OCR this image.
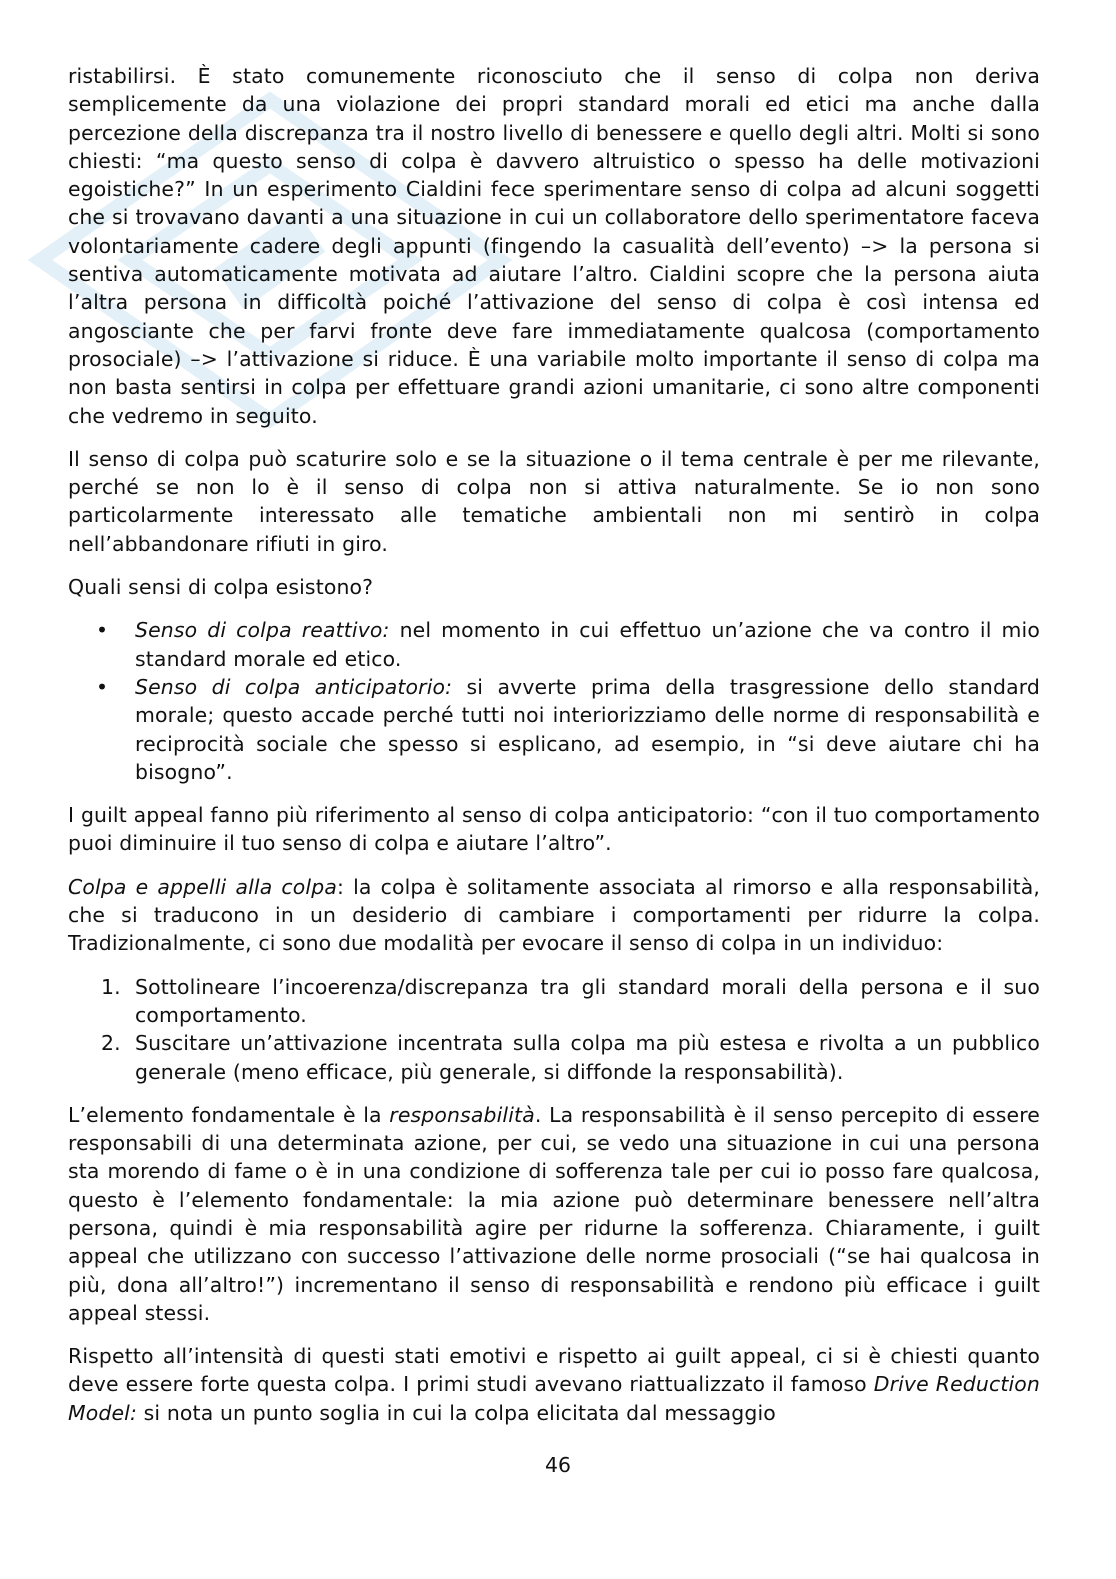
ristabilirsi. È stato comunemente riconosciuto che il senso di colpa non deriva semplicemente da una violazione dei propri standard morali ed etici ma anche dalla percezione della discrepanza tra il nostro livello di benessere e quello degli altri. Molti si sono chiesti: “ma questo senso di colpa è davvero altruistico o spesso ha delle motivazioni egoistiche?” In un esperimento Cialdini fece sperimentare senso di colpa ad alcuni soggetti che si trovavano davanti a una situazione in cui un collaboratore dello sperimentatore faceva volontariamente cadere degli appunti (fingendo la casualità dell’evento) –> la persona si sentiva automaticamente motivata ad aiutare l’altro. Cialdini scopre che la persona aiuta l’altra persona in difficoltà poiché l’attivazione del senso di colpa è così intensa ed angosciante che per farvi fronte deve fare immediatamente qualcosa (comportamento prosociale) –> l’attivazione si riduce. È una variabile molto importante il senso di colpa ma non basta sentirsi in colpa per effettuare grandi azioni umanitarie, ci sono altre componenti che vedremo in seguito.

Il senso di colpa può scaturire solo e se la situazione o il tema centrale è per me rilevante, perché se non lo è il senso di colpa non si attiva naturalmente. Se io non sono particolarmente interessato alle tematiche ambientali non mi sentirò in colpa nell’abbandonare rifiuti in giro.

Quali sensi di colpa esistono?

• Senso di colpa reattivo: nel momento in cui effettuo un’azione che va contro il mio standard morale ed etico.
• Senso di colpa anticipatorio: si avverte prima della trasgressione dello standard morale; questo accade perché tutti noi interiorizziamo delle norme di responsabilità e reciprocità sociale che spesso si esplicano, ad esempio, in “si deve aiutare chi ha bisogno”.

I guilt appeal fanno più riferimento al senso di colpa anticipatorio: “con il tuo comportamento puoi diminuire il tuo senso di colpa e aiutare l’altro”.

Colpa e appelli alla colpa: la colpa è solitamente associata al rimorso e alla responsabilità, che si traducono in un desiderio di cambiare i comportamenti per ridurre la colpa. Tradizionalmente, ci sono due modalità per evocare il senso di colpa in un individuo:

1. Sottolineare l’incoerenza/discrepanza tra gli standard morali della persona e il suo comportamento.
2. Suscitare un’attivazione incentrata sulla colpa ma più estesa e rivolta a un pubblico generale (meno efficace, più generale, si diffonde la responsabilità).

L’elemento fondamentale è la responsabilità. La responsabilità è il senso percepito di essere responsabili di una determinata azione, per cui, se vedo una situazione in cui una persona sta morendo di fame o è in una condizione di sofferenza tale per cui io posso fare qualcosa, questo è l’elemento fondamentale: la mia azione può determinare benessere nell’altra persona, quindi è mia responsabilità agire per ridurne la sofferenza. Chiaramente, i guilt appeal che utilizzano con successo l’attivazione delle norme prosociali (“se hai qualcosa in più, dona all’altro!”) incrementano il senso di responsabilità e rendono più efficace i guilt appeal stessi.

Rispetto all’intensità di questi stati emotivi e rispetto ai guilt appeal, ci si è chiesti quanto deve essere forte questa colpa. I primi studi avevano riattualizzato il famoso Drive Reduction Model: si nota un punto soglia in cui la colpa elicitata dal messaggio

46
